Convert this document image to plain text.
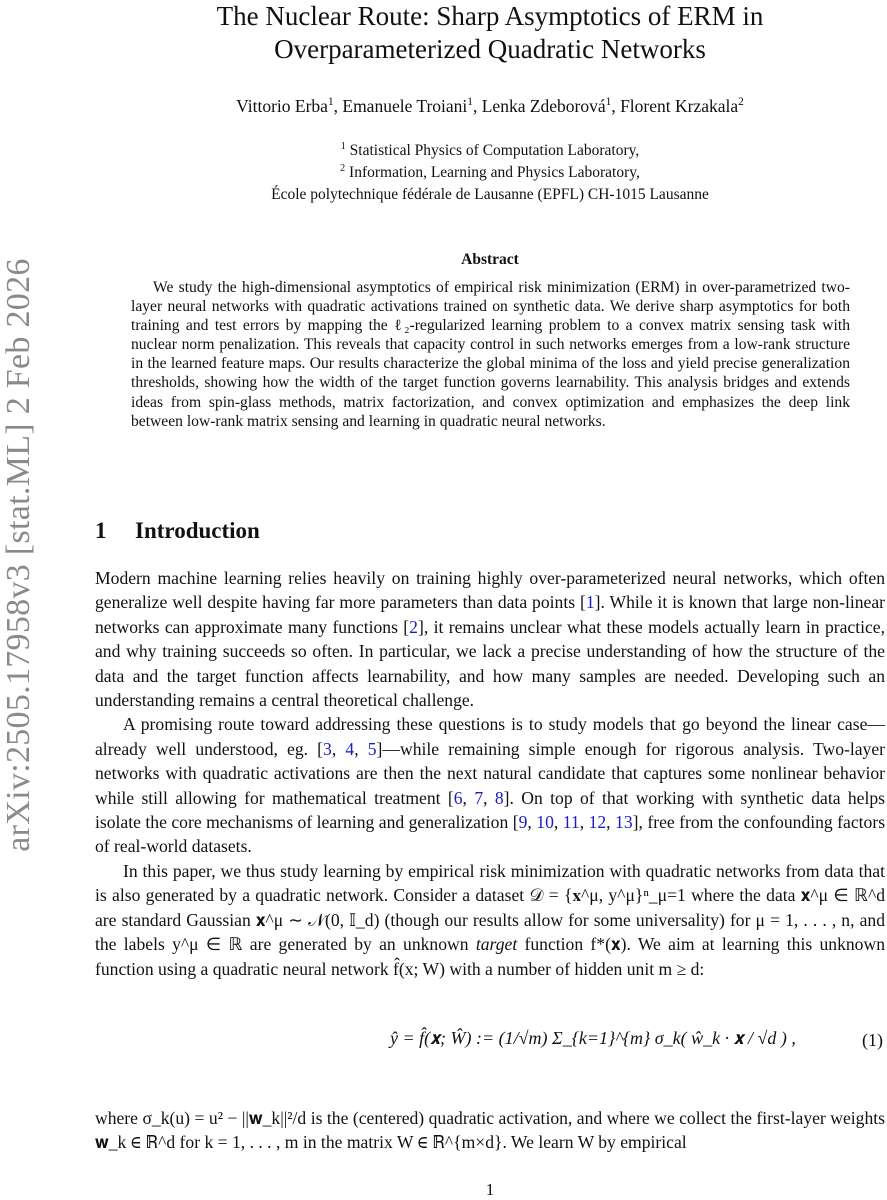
arXiv:2505.17958v3 [stat.ML] 2 Feb 2026
The Nuclear Route: Sharp Asymptotics of ERM in
Overparameterized Quadratic Networks
Vittorio Erba$^1$, Emanuele Troiani$^1$, Lenka Zdeborová$^1$, Florent Krzakala$^2$
$^1$ Statistical Physics of Computation Laboratory,
$^2$ Information, Learning and Physics Laboratory,
École polytechnique fédérale de Lausanne (EPFL) CH-1015 Lausanne
Abstract
We study the high-dimensional asymptotics of empirical risk minimization (ERM) in over-parametrized two-layer neural networks with quadratic activations trained on synthetic data. We derive sharp asymptotics for both training and test errors by mapping the ℓ₂-regularized learning problem to a convex matrix sensing task with nuclear norm penalization. This reveals that capacity control in such networks emerges from a low-rank structure in the learned feature maps. Our results characterize the global minima of the loss and yield precise generalization thresholds, showing how the width of the target function governs learnability. This analysis bridges and extends ideas from spin-glass methods, matrix factorization, and convex optimization and emphasizes the deep link between low-rank matrix sensing and learning in quadratic neural networks.
1 Introduction

Modern machine learning relies heavily on training highly over-parameterized neural networks, which often generalize well despite having far more parameters than data points [1]. While it is known that large non-linear networks can approximate many functions [2], it remains unclear what these models actually learn in practice, and why training succeeds so often. In particular, we lack a precise understanding of how the structure of the data and the target function affects learnability, and how many samples are needed. Developing such an understanding remains a central theoretical challenge.

A promising route toward addressing these questions is to study models that go beyond the linear case—already well understood, eg. [3, 4, 5]—while remaining simple enough for rigorous analysis. Two-layer networks with quadratic activations are then the next natural candidate that captures some nonlinear behavior while still allowing for mathematical treatment [6, 7, 8]. On top of that working with synthetic data helps isolate the core mechanisms of learning and generalization [9, 10, 11, 12, 13], free from the confounding factors of real-world datasets.

In this paper, we thus study learning by empirical risk minimization with quadratic networks from data that is also generated by a quadratic network. Consider a dataset 𝒟 = {𝐱^μ, y^μ}ⁿ_μ=1 where the data 𝐱^μ ∈ ℝ^d are standard Gaussian 𝐱^μ ∼ 𝒩(0, 𝕀_d) (though our results allow for some universality) for μ = 1, . . . , n, and the labels y^μ ∈ ℝ are generated by an unknown target function f*(𝐱). We aim at learning this unknown function using a quadratic neural network f̂(x; W) with a number of hidden unit m ≥ d:

ŷ = f̂(𝐱; Ŵ) := (1/√m) Σ_{k=1}^{m} σ_k( ŵ_k · 𝐱 / √d ) ,	(1)

where σ_k(u) = u² − ||𝐰_k||²/d is the (centered) quadratic activation, and where we collect the first-layer weights 𝐰_k ∈ ℝ^d for k = 1, . . . , m in the matrix W ∈ ℝ^{m×d}. We learn W by empirical

1
